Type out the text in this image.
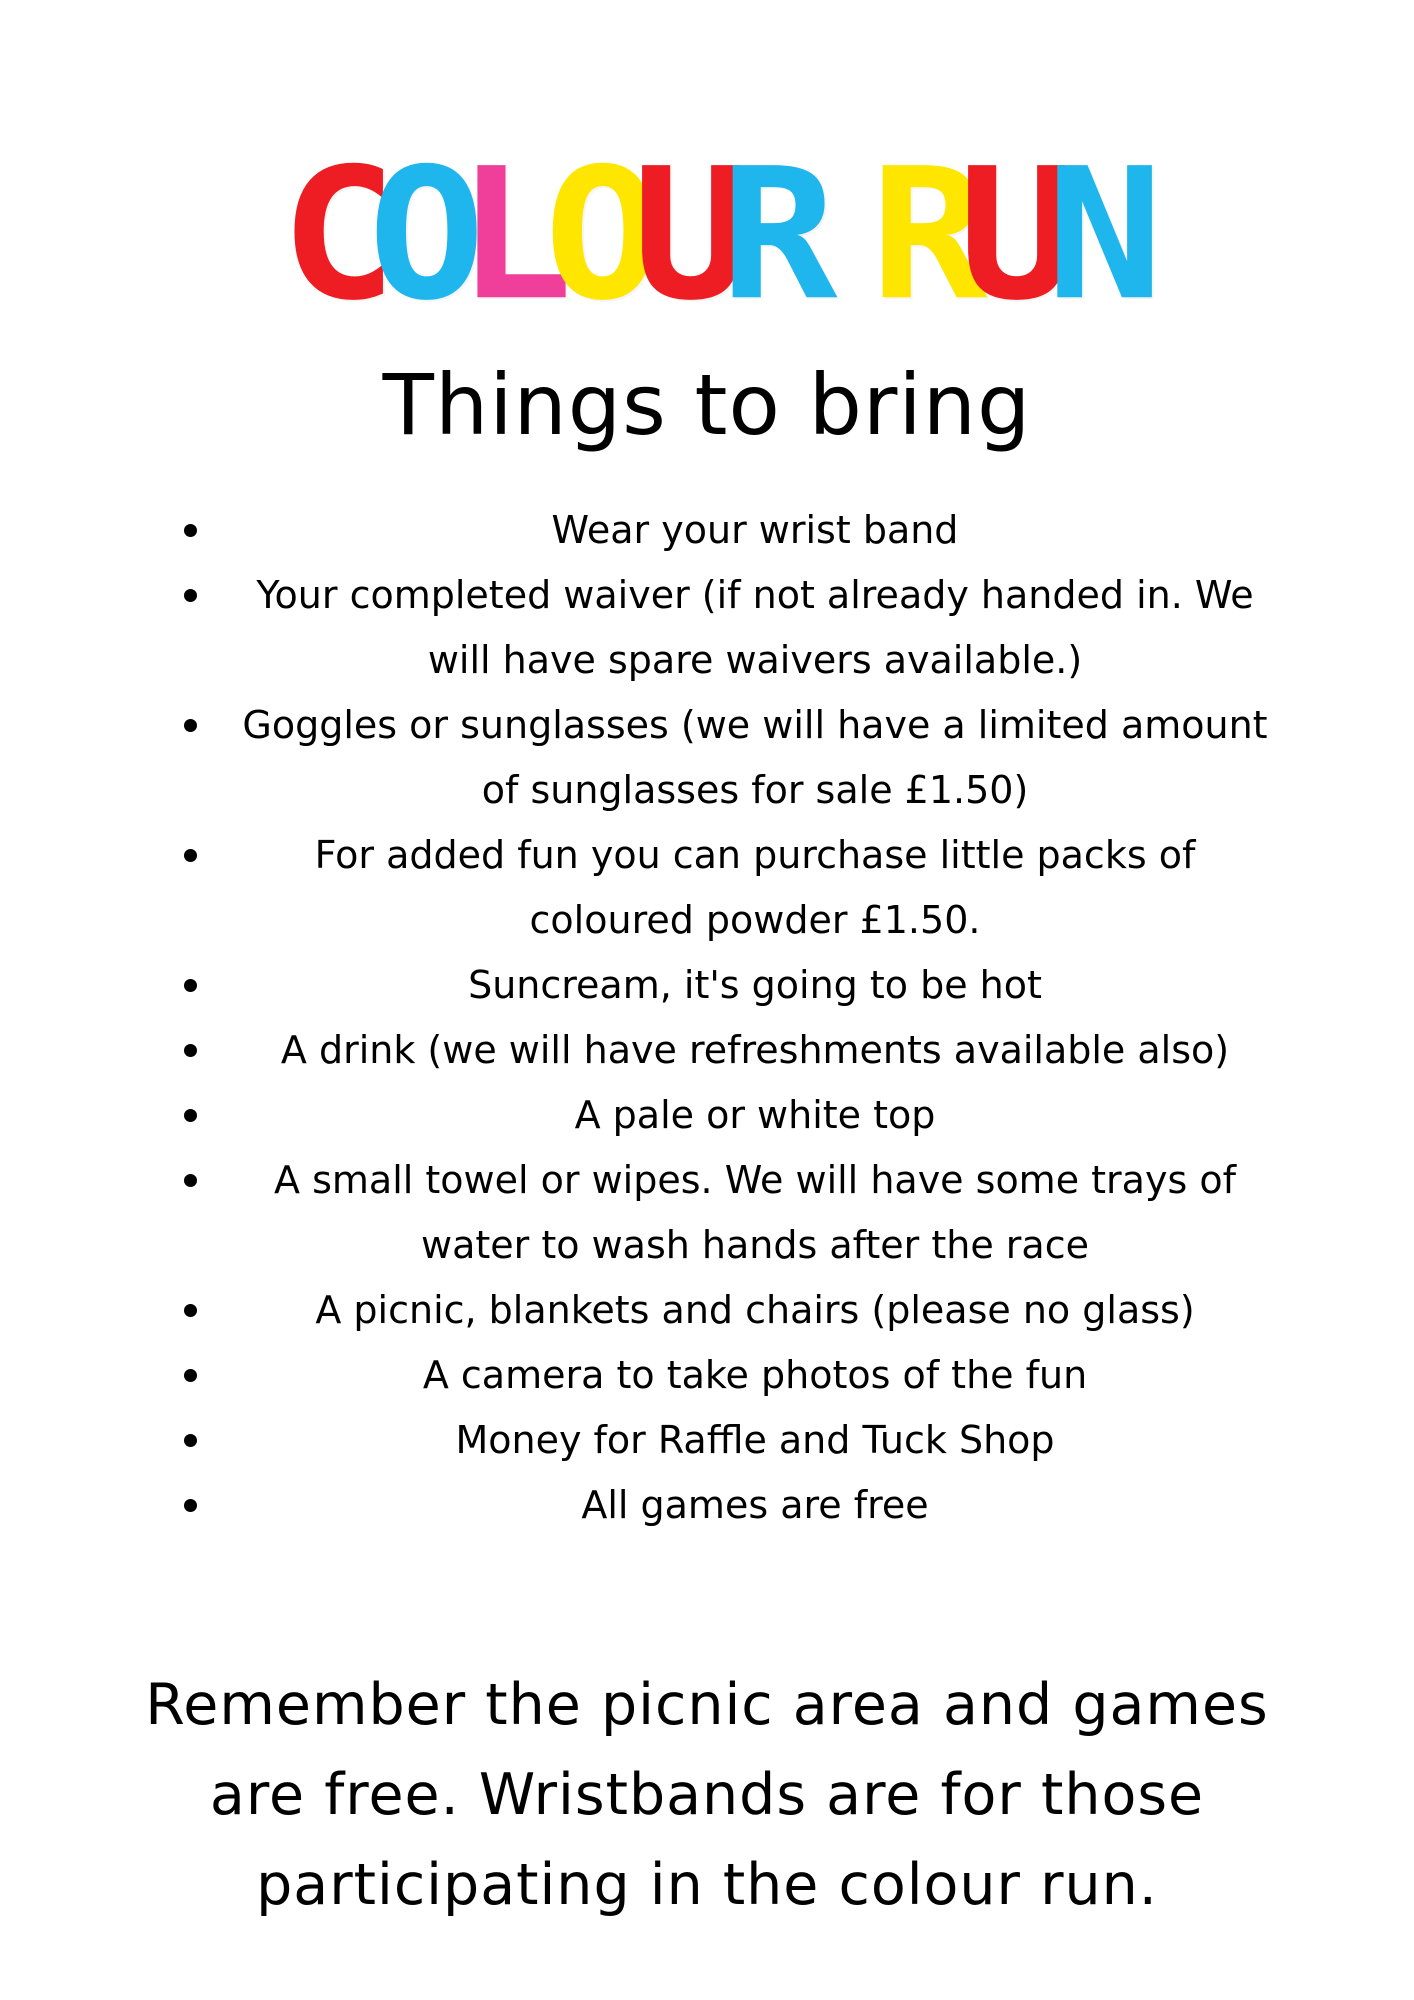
COLOUR RUN
Things to bring
Wear your wrist band
Your completed waiver (if not already handed in. We will have spare waivers available.)
Goggles or sunglasses (we will have a limited amount of sunglasses for sale £1.50)
For added fun you can purchase little packs of coloured powder £1.50.
Suncream, it's going to be hot
A drink (we will have refreshments available also)
A pale or white top
A small towel or wipes. We will have some trays of water to wash hands after the race
A picnic, blankets and chairs (please no glass)
A camera to take photos of the fun
Money for Raffle and Tuck Shop
All games are free
Remember the picnic area and games are free. Wristbands are for those participating in the colour run.
